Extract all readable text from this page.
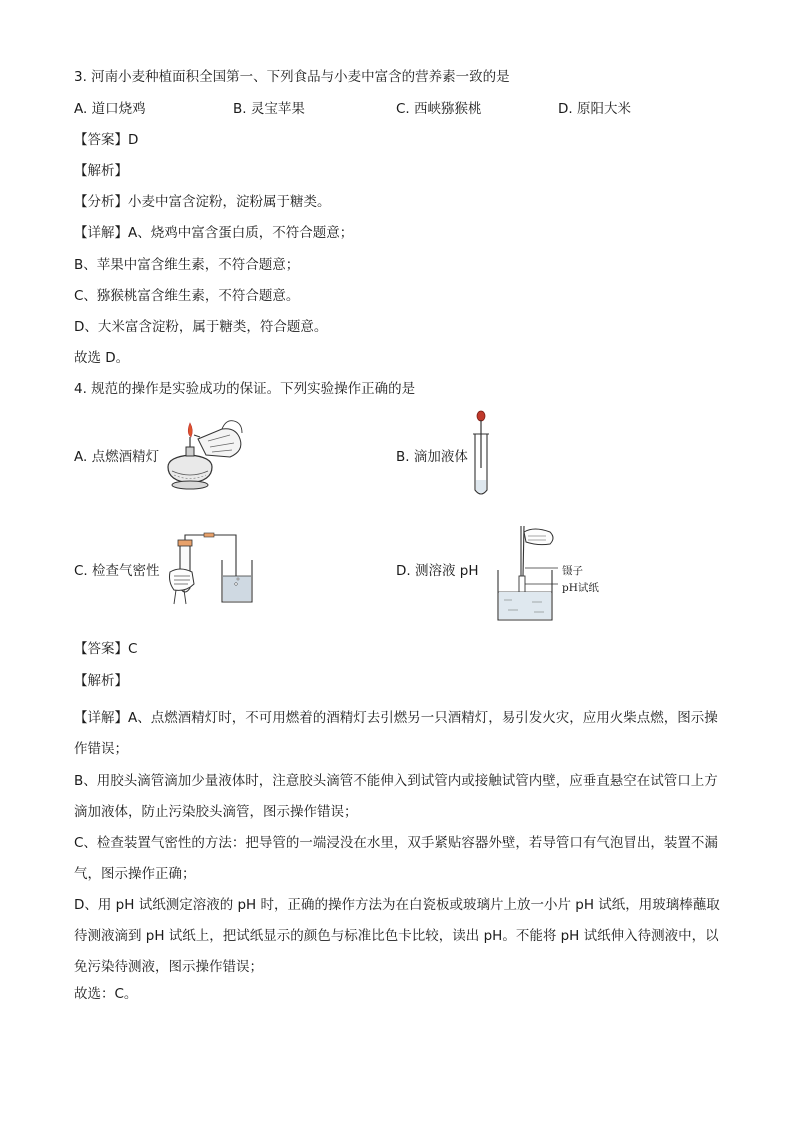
3. 河南小麦种植面积全国第一、下列食品与小麦中富含的营养素一致的是
A. 道口烧鸡	B. 灵宝苹果	C. 西峡猕猴桃	D. 原阳大米
【答案】D
【解析】
【分析】小麦中富含淀粉，淀粉属于糖类。
【详解】A、烧鸡中富含蛋白质，不符合题意；
B、苹果中富含维生素，不符合题意；
C、猕猴桃富含维生素，不符合题意。
D、大米富含淀粉，属于糖类，符合题意。
故选 D。
4. 规范的操作是实验成功的保证。下列实验操作正确的是
A. 点燃酒精灯	B. 滴加液体
C. 检查气密性	D. 测溶液 pH	镊子
pH试纸
【答案】C
【解析】
【详解】A、点燃酒精灯时，不可用燃着的酒精灯去引燃另一只酒精灯，易引发火灾，应用火柴点燃，图示操作错误；
B、用胶头滴管滴加少量液体时，注意胶头滴管不能伸入到试管内或接触试管内壁，应垂直悬空在试管口上方滴加液体，防止污染胶头滴管，图示操作错误；
C、检查装置气密性的方法：把导管的一端浸没在水里，双手紧贴容器外壁，若导管口有气泡冒出，装置不漏气，图示操作正确；
D、用 pH 试纸测定溶液的 pH 时，正确的操作方法为在白瓷板或玻璃片上放一小片 pH 试纸，用玻璃棒蘸取待测液滴到 pH 试纸上，把试纸显示的颜色与标准比色卡比较，读出 pH。不能将 pH 试纸伸入待测液中，以免污染待测液，图示操作错误；
故选：C。
